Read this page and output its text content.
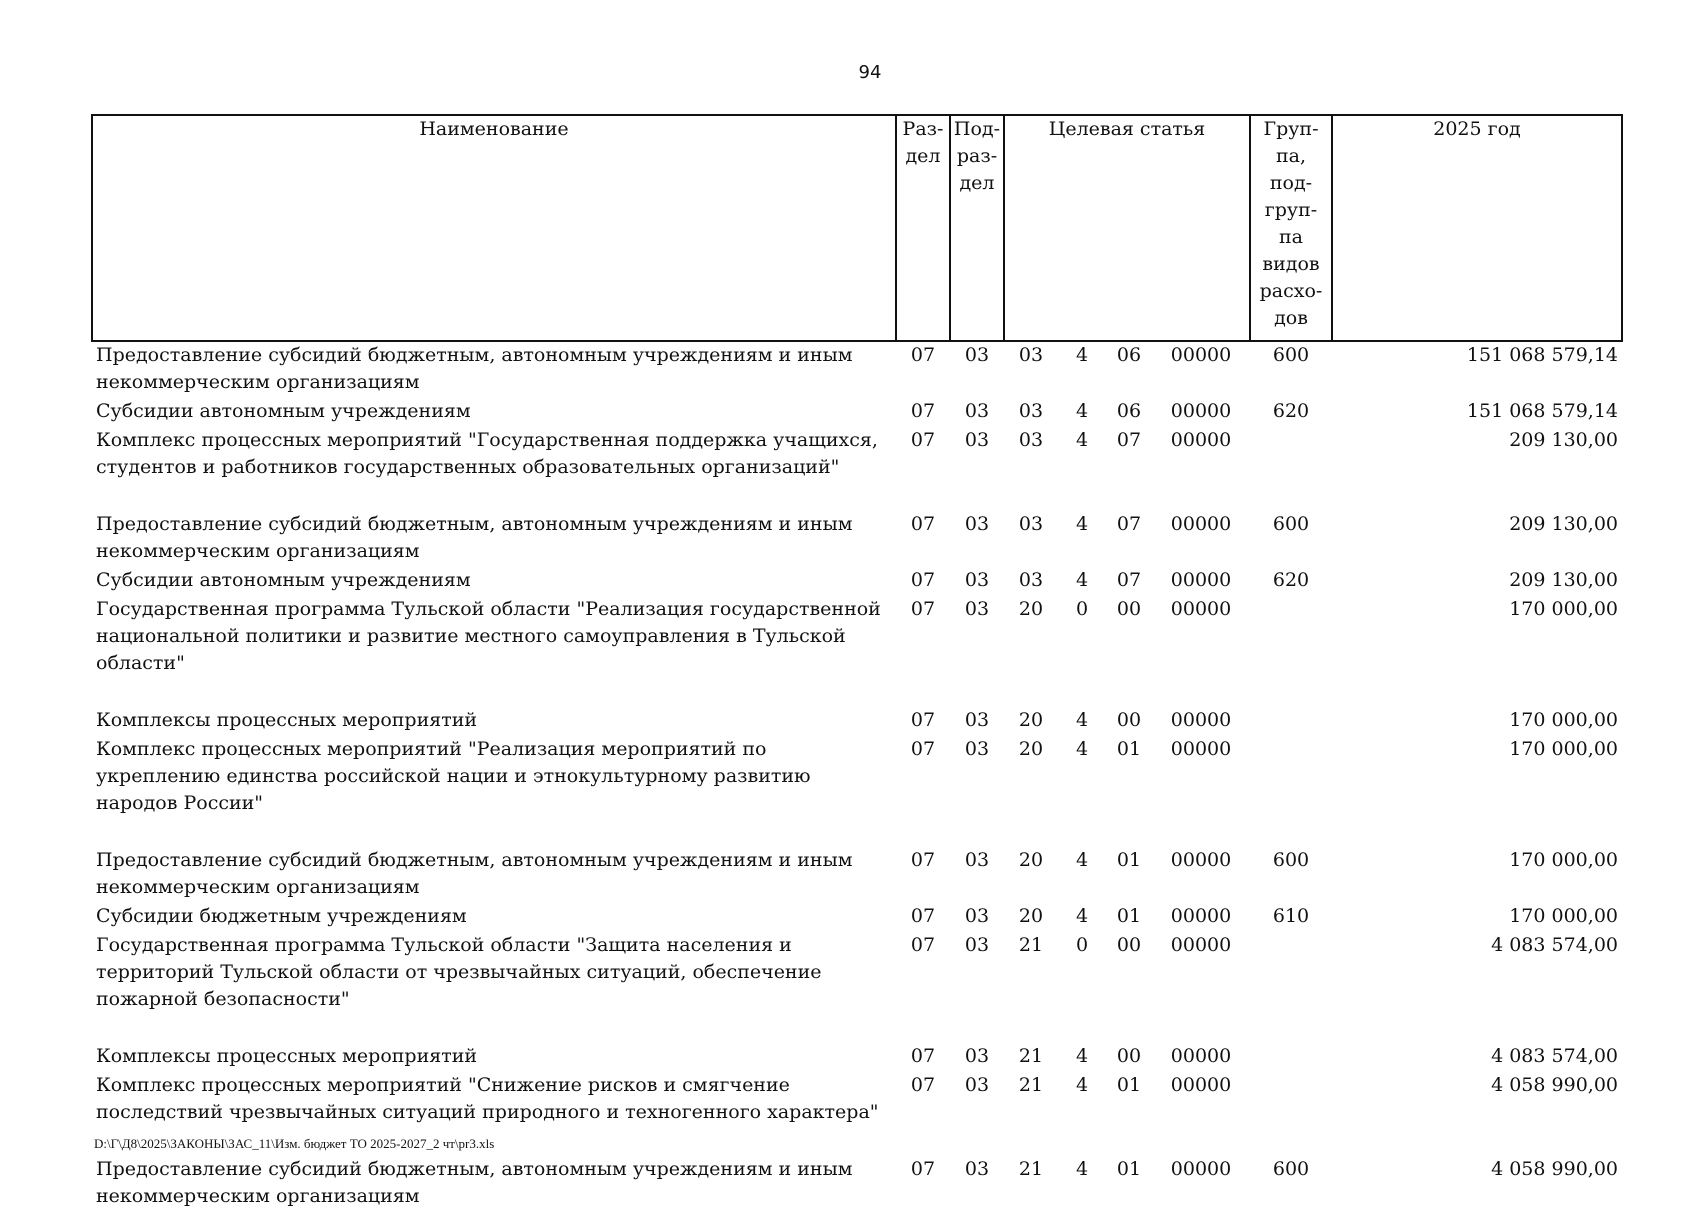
94
Наименование	Раз- дел	Под- раз- дел	Целевая статья				Груп- па, под- груп- па видов расхо- дов	2025 год
Предоставление субсидий бюджетным, автономным учреждениям и иным некоммерческим организациям	07	03	03	4	06	00000	600	151 068 579,14
Субсидии автономным учреждениям	07	03	03	4	06	00000	620	151 068 579,14
Комплекс процессных мероприятий "Государственная поддержка учащихся, студентов и работников государственных образовательных организаций"	07	03	03	4	07	00000		209 130,00
Предоставление субсидий бюджетным, автономным учреждениям и иным некоммерческим организациям	07	03	03	4	07	00000	600	209 130,00
Субсидии автономным учреждениям	07	03	03	4	07	00000	620	209 130,00
Государственная программа Тульской области "Реализация государственной национальной политики и развитие местного самоуправления в Тульской области"	07	03	20	0	00	00000		170 000,00
Комплексы процессных мероприятий	07	03	20	4	00	00000		170 000,00
Комплекс процессных мероприятий "Реализация мероприятий по укреплению единства российской нации и этнокультурному развитию народов России"	07	03	20	4	01	00000		170 000,00
Предоставление субсидий бюджетным, автономным учреждениям и иным некоммерческим организациям	07	03	20	4	01	00000	600	170 000,00
Субсидии бюджетным учреждениям	07	03	20	4	01	00000	610	170 000,00
Государственная программа Тульской области "Защита населения и территорий Тульской области от чрезвычайных ситуаций, обеспечение пожарной безопасности"	07	03	21	0	00	00000		4 083 574,00
Комплексы процессных мероприятий	07	03	21	4	00	00000		4 083 574,00
Комплекс процессных мероприятий "Снижение рисков и смягчение последствий чрезвычайных ситуаций природного и техногенного характера"	07	03	21	4	01	00000		4 058 990,00
Предоставление субсидий бюджетным, автономным учреждениям и иным некоммерческим организациям	07	03	21	4	01	00000	600	4 058 990,00
D:\Г\Д8\2025\ЗАКОНЫ\ЗАС_11\Изм. бюджет ТО 2025-2027_2 чт\pr3.xls
